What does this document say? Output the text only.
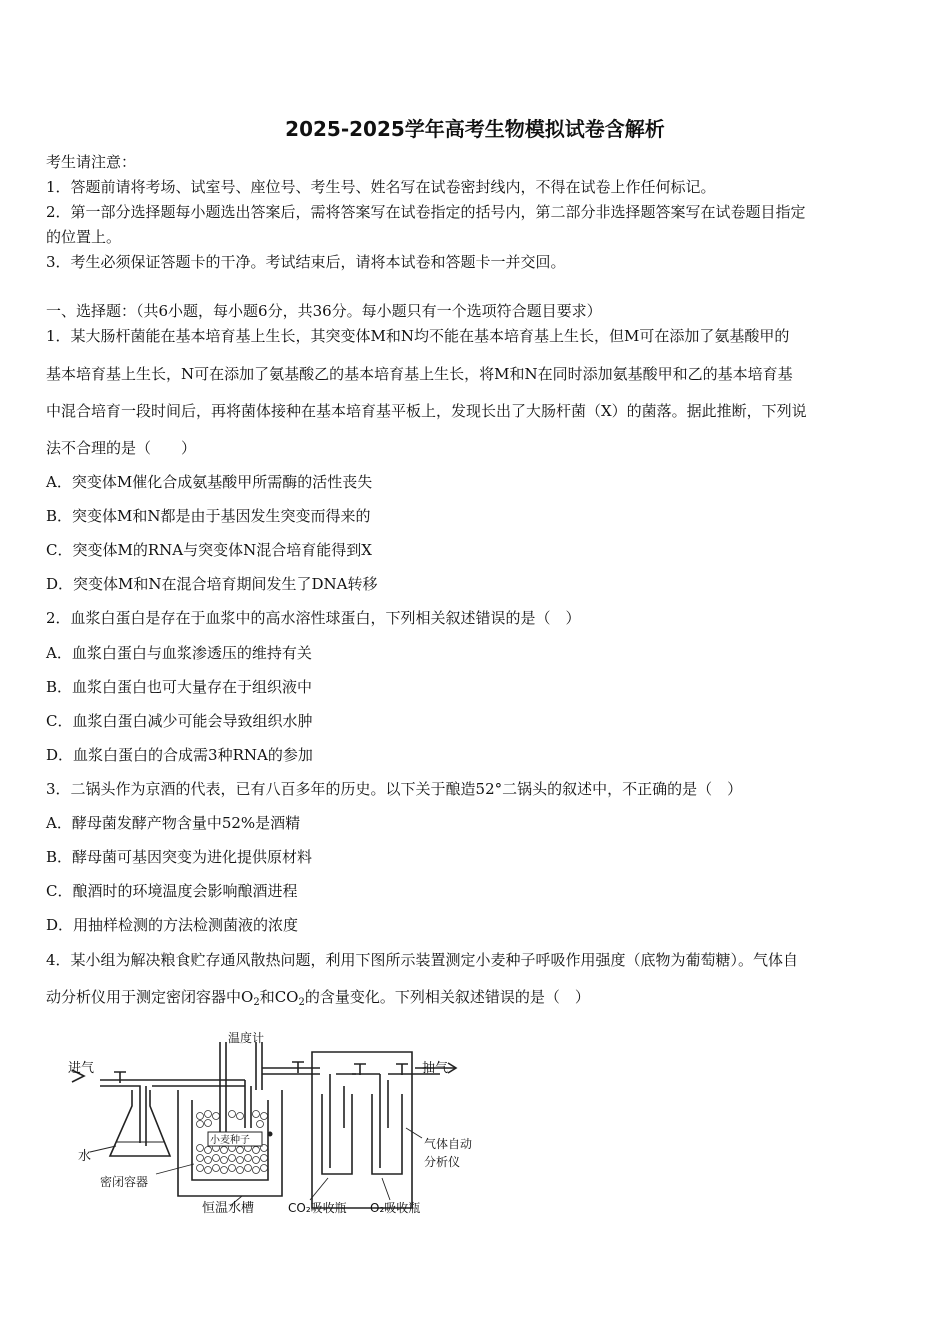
2025-2025学年高考生物模拟试卷含解析
考生请注意：
1．答题前请将考场、试室号、座位号、考生号、姓名写在试卷密封线内，不得在试卷上作任何标记。
2．第一部分选择题每小题选出答案后，需将答案写在试卷指定的括号内，第二部分非选择题答案写在试卷题目指定
的位置上。
3．考生必须保证答题卡的干净。考试结束后，请将本试卷和答题卡一并交回。
一、选择题：（共6小题，每小题6分，共36分。每小题只有一个选项符合题目要求）
1．某大肠杆菌能在基本培育基上生长，其突变体M和N均不能在基本培育基上生长，但M可在添加了氨基酸甲的
基本培育基上生长，N可在添加了氨基酸乙的基本培育基上生长，将M和N在同时添加氨基酸甲和乙的基本培育基
中混合培育一段时间后，再将菌体接种在基本培育基平板上，发现长出了大肠杆菌（X）的菌落。据此推断，下列说
法不合理的是（　　）
A．突变体M催化合成氨基酸甲所需酶的活性丧失
B．突变体M和N都是由于基因发生突变而得来的
C．突变体M的RNA与突变体N混合培育能得到X
D．突变体M和N在混合培育期间发生了DNA转移
2．血浆白蛋白是存在于血浆中的高水溶性球蛋白，下列相关叙述错误的是（　）
A．血浆白蛋白与血浆渗透压的维持有关
B．血浆白蛋白也可大量存在于组织液中
C．血浆白蛋白减少可能会导致组织水肿
D．血浆白蛋白的合成需3种RNA的参加
3．二锅头作为京酒的代表，已有八百多年的历史。以下关于酿造52°二锅头的叙述中，不正确的是（　）
A．酵母菌发酵产物含量中52%是酒精
B．酵母菌可基因突变为进化提供原材料
C．酿酒时的环境温度会影响酿酒进程
D．用抽样检测的方法检测菌液的浓度
4．某小组为解决粮食贮存通风散热问题，利用下图所示装置测定小麦种子呼吸作用强度（底物为葡萄糖）。气体自
动分析仪用于测定密闭容器中$O_2$和$CO_2$的含量变化。下列相关叙述错误的是（　）
小麦种子
进气	抽气
温度计
水
密闭容器
恒温水槽
气体自动
分析仪
CO₂吸收瓶 O₂吸收瓶
